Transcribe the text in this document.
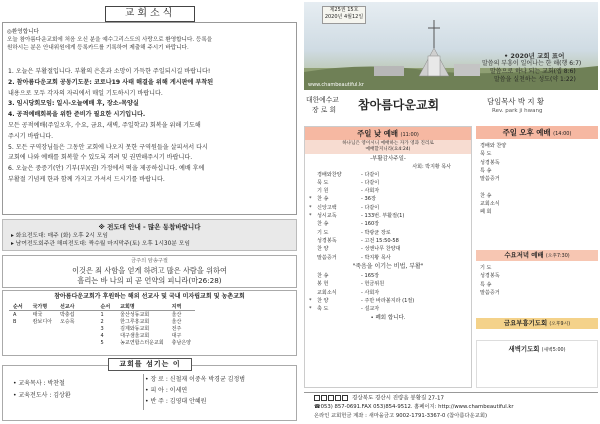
교회소식
◎환영합니다
오늘 참아름다운교회에 처음 오신 분을 예수그리스도의 사랑으로 환영합니다. 등록을
원하시는 분은 안내위원에게 등록카드를 기록하여 제출해 주시기 바랍니다.
1. 오늘은 부활절입니다. 부활의 은혼과 소망이 가득한 주일되시길 바랍니다!
2. 참아름다운교회 공동기도문: 코로나19 사태 해결을 위해 게시판에 부착된
내용으로 모두 각자의 자리에서 매일 기도하시기 바랍니다.
3. 임시당회모임: 일시-오늘예배 후, 장소-목양실
4. 공적예배회복을 위한 준비가 필요한 시기입니다.
모든 공적예배(주일오후, 수요, 금요, 새벽, 주일학교) 회복을 위해 기도해
주시기 바랍니다.
5. 모든 구역장님들은 그동안 교회에 나오지 못한 구역원들을 살피셔서 다시
교회에 나와 예배를 회복할 수 있도록 격려 및 권면해주시기 바랍니다.
6. 오늘은 중증기(안) 기부(부)(권) 가정에서 떡을 제공하십니다. 예배 후에
부활절 기념케 한과 함께 가지고 가셔서 드시기를 바랍니다.
※ 전도대 안내 - 많은 동참바랍니다
▸ 화요전도대: 매주 (화) 오후 2시 모임
▸ 남여전도회주관 해피전도대: 짝수월 마지막주(토) 오후 1시30분 모임
금주의 암송구절
이것은 죄 사함을 얻게 하려고 많은 사람을 위하여
흘리는 바 나의 피 곧 언약의 피니라(마26:28)
참아름다운교회가 후원하는 해외 선교사 및 국내 미자립교회 및 농촌교회
순서	국가명	선교사	순서	교회명	지역
A	태국	박충섭	1	울산성동교회	울산
B	캄보디아	오승목	2	한그루흥교회	울산
			3	김제와동교회	전주
			4	대구샘울교회	대구
			5	농교연합스터운교회	충남은양
• 교육목사 : 박찬철
• 교육전도사 : 김상환
• 장 로 : 신철재 이중옥 박경균 김정범
• 피 아 : 이세연
• 반 주 : 김영대 안혜원
교회를 섬기는 이
제25권 15호
2020년 4월12일
• 2020년 교회 표어
말씀의 부흥이 일어나는 한 해(행 6:7)
말씀으로 하나 되는 교회(엡 8:6)
말씀을 실천하는 성도(약 1:22)
www.chambeautiful.kr
대한예수교
장 로 회 참아름다운교회	담임목사 박 지 황
Rev. park ji hwang
주일 낮 예배 (11:00)
하나님은 영이시니 예배하는 자가 영과 진리로
예배할지니라(요4:24)
-부활감사주일-
사회: 박지황 목사
경배와찬양	- 다같이
묵 도	- 다같이
기 원	- 사회자
* 찬 송	- 36장
* 신앙고백	- 다같이
* 성시교독	- 133번. 부활절(1)
찬 송	- 160장
기 도	- 박광균 장로
성경봉독	- 고전 15:50-58
찬 양	- 성앤나무 찬양대
말씀증거	- 박지황 목사
"죽음을 이기는 비법, 부활"
찬 송	- 165장
봉 헌	- 헌금위원
교회소식	- 사회자
* 찬 양	- 주만 바라볼지라 (1절)
* 축 도	- 설교자
• 폐회 합니다.
주일 오후 예배 (14:00)
경배와 찬양
묵 도
성경봉독
특 송
말씀증거

찬 송
교회소식
폐 회
수요저녁 예배 (오후7:30)
기 도
성경봉독
특 송
말씀증거
금요부흥기도회 (오후9시)
새벽기도회 (새벽5:00)
경상북도 경산시 진량읍 봉황길 27-17
☎053) 857-0691.FAX 053)854-9512. 홈페이지: http://www.chambeautiful.kr
온라인 교회헌금 계좌 : 새마을금고 9002-1791-3367-0 (참아름다운교회)
